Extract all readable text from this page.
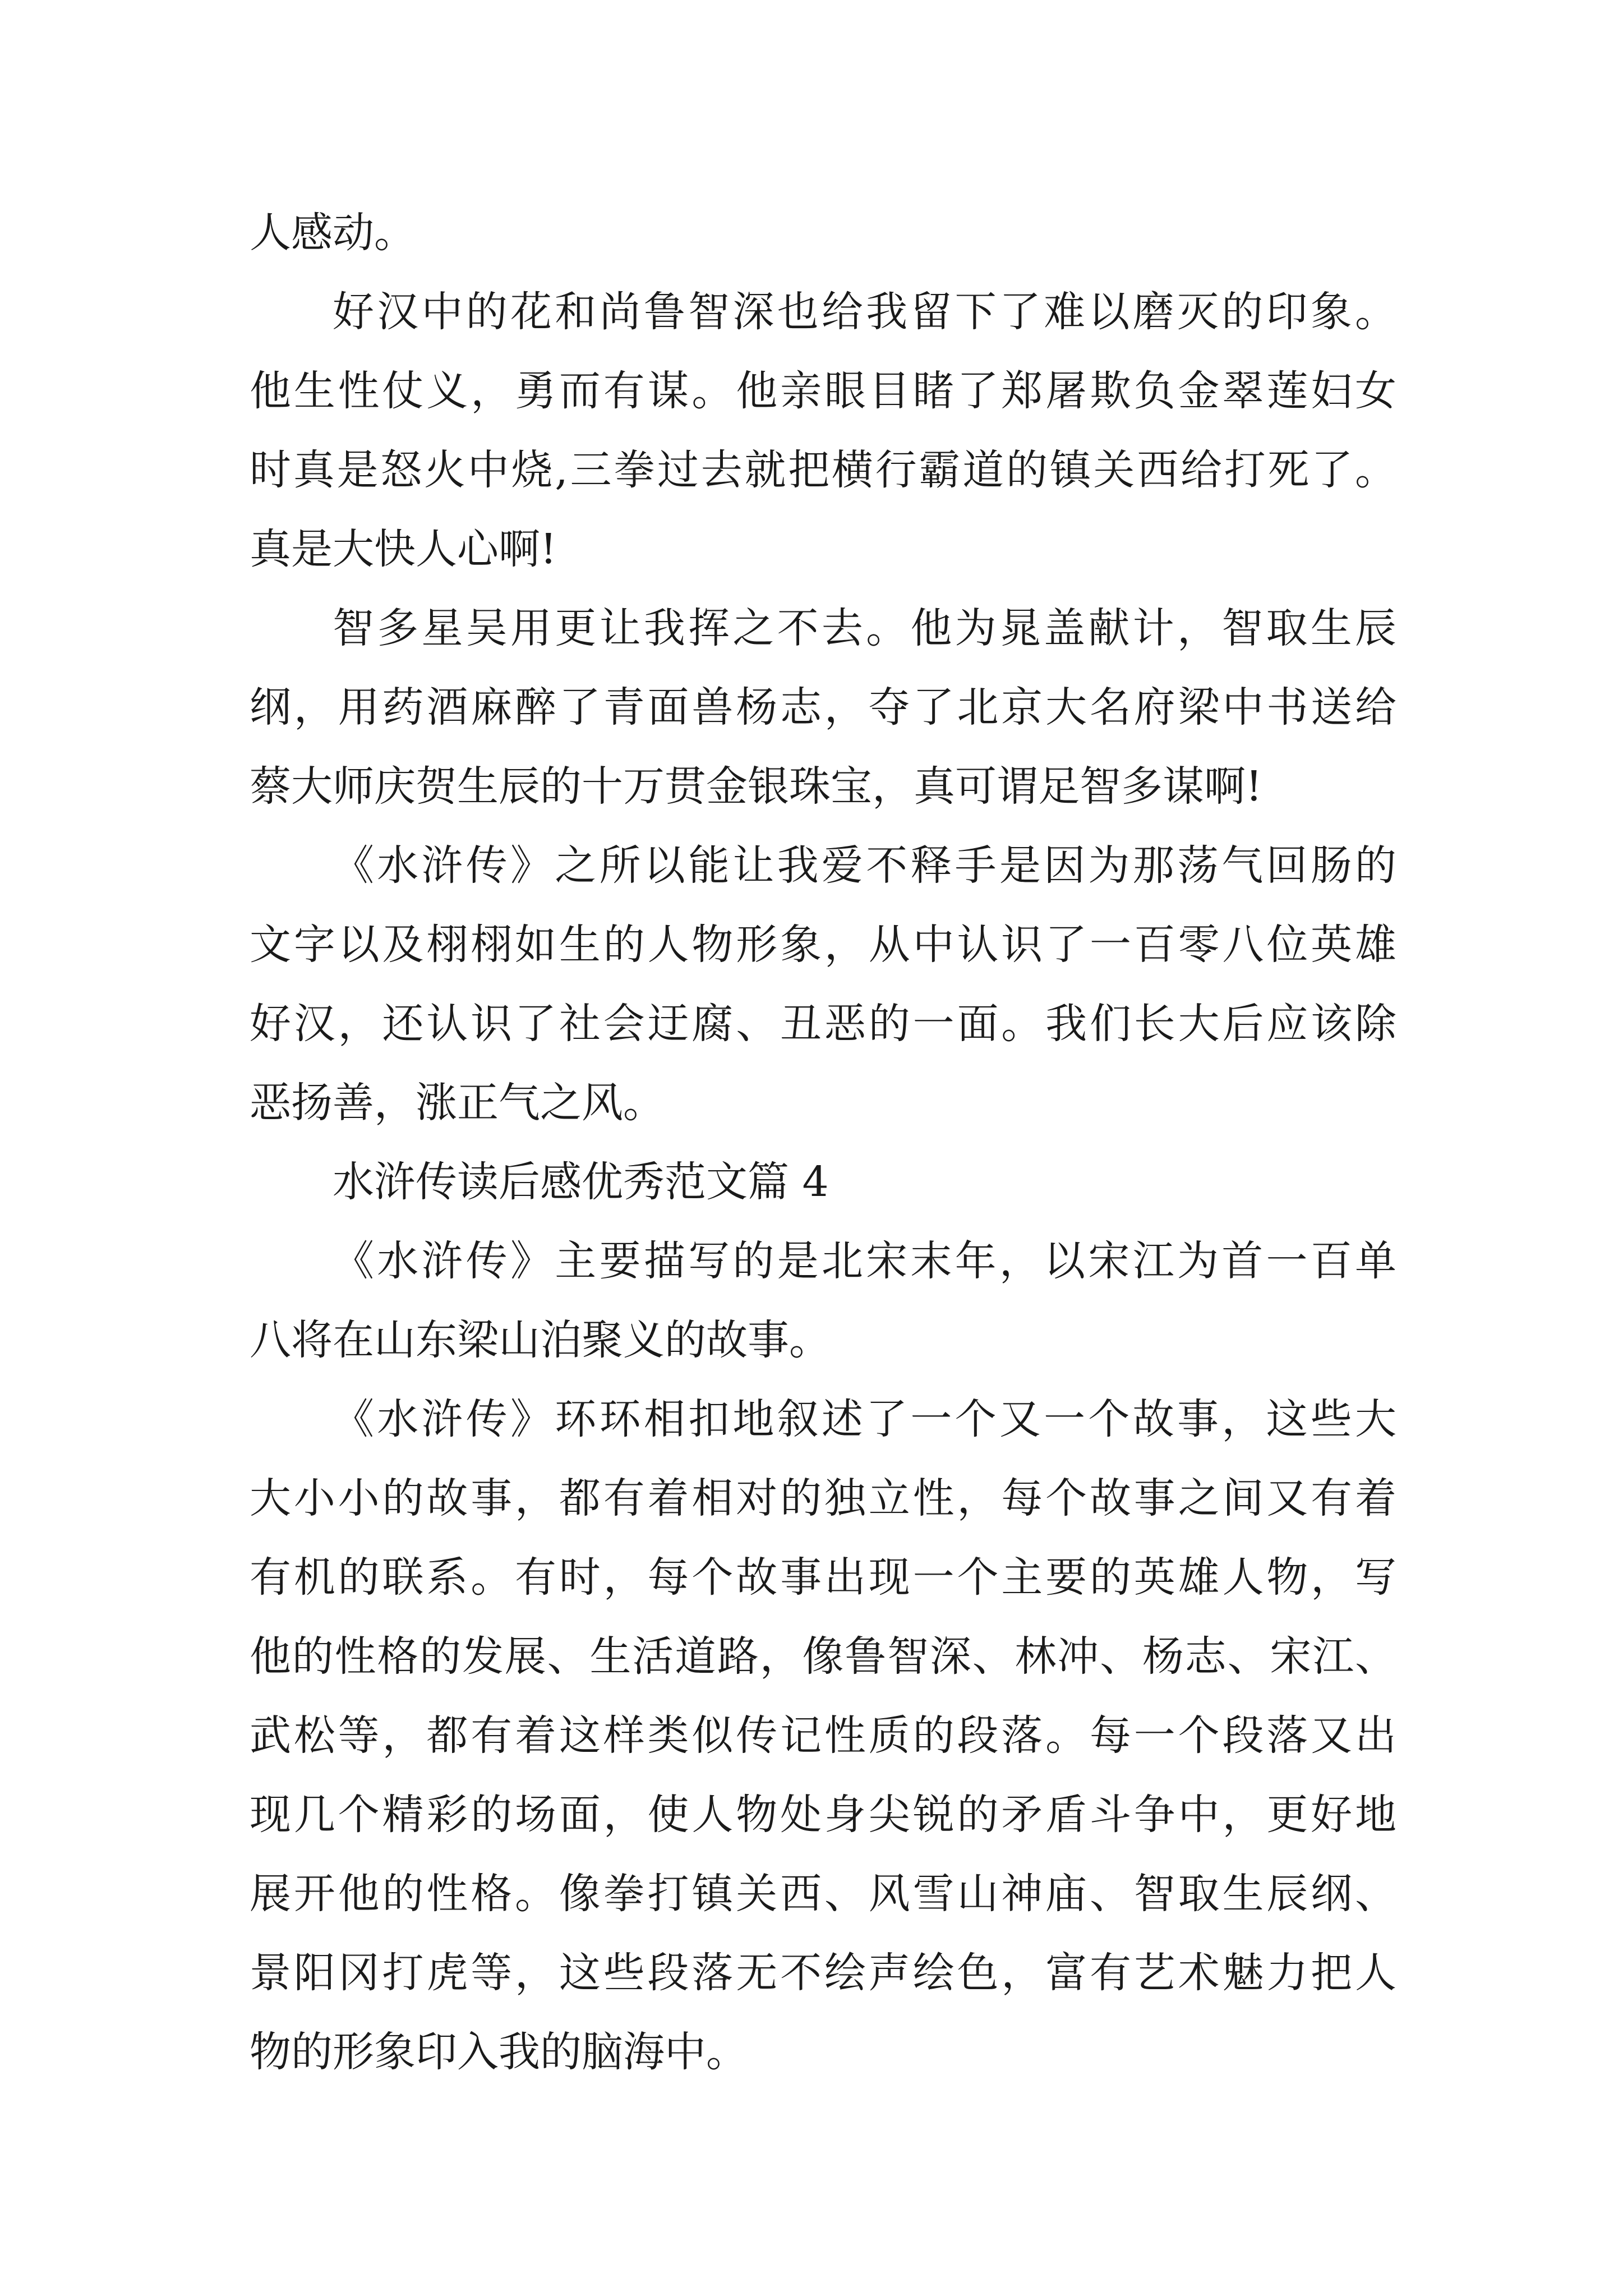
人感动。
好汉中的花和尚鲁智深也给我留下了难以磨灭的印象。
他生性仗义，勇而有谋。他亲眼目睹了郑屠欺负金翠莲妇女
时真是怒火中烧,三拳过去就把横行霸道的镇关西给打死了。
真是大快人心啊!
智多星吴用更让我挥之不去。他为晁盖献计，智取生辰
纲，用药酒麻醉了青面兽杨志，夺了北京大名府梁中书送给
蔡大师庆贺生辰的十万贯金银珠宝，真可谓足智多谋啊!
《水浒传》之所以能让我爱不释手是因为那荡气回肠的
文字以及栩栩如生的人物形象，从中认识了一百零八位英雄
好汉，还认识了社会迂腐、丑恶的一面。我们长大后应该除
恶扬善，涨正气之风。
水浒传读后感优秀范文篇 4
《水浒传》主要描写的是北宋末年，以宋江为首一百单
八将在山东梁山泊聚义的故事。
《水浒传》环环相扣地叙述了一个又一个故事，这些大
大小小的故事，都有着相对的独立性，每个故事之间又有着
有机的联系。有时，每个故事出现一个主要的英雄人物，写
他的性格的发展、生活道路，像鲁智深、林冲、杨志、宋江、
武松等，都有着这样类似传记性质的段落。每一个段落又出
现几个精彩的场面，使人物处身尖锐的矛盾斗争中，更好地
展开他的性格。像拳打镇关西、风雪山神庙、智取生辰纲、
景阳冈打虎等，这些段落无不绘声绘色，富有艺术魅力把人
物的形象印入我的脑海中。
